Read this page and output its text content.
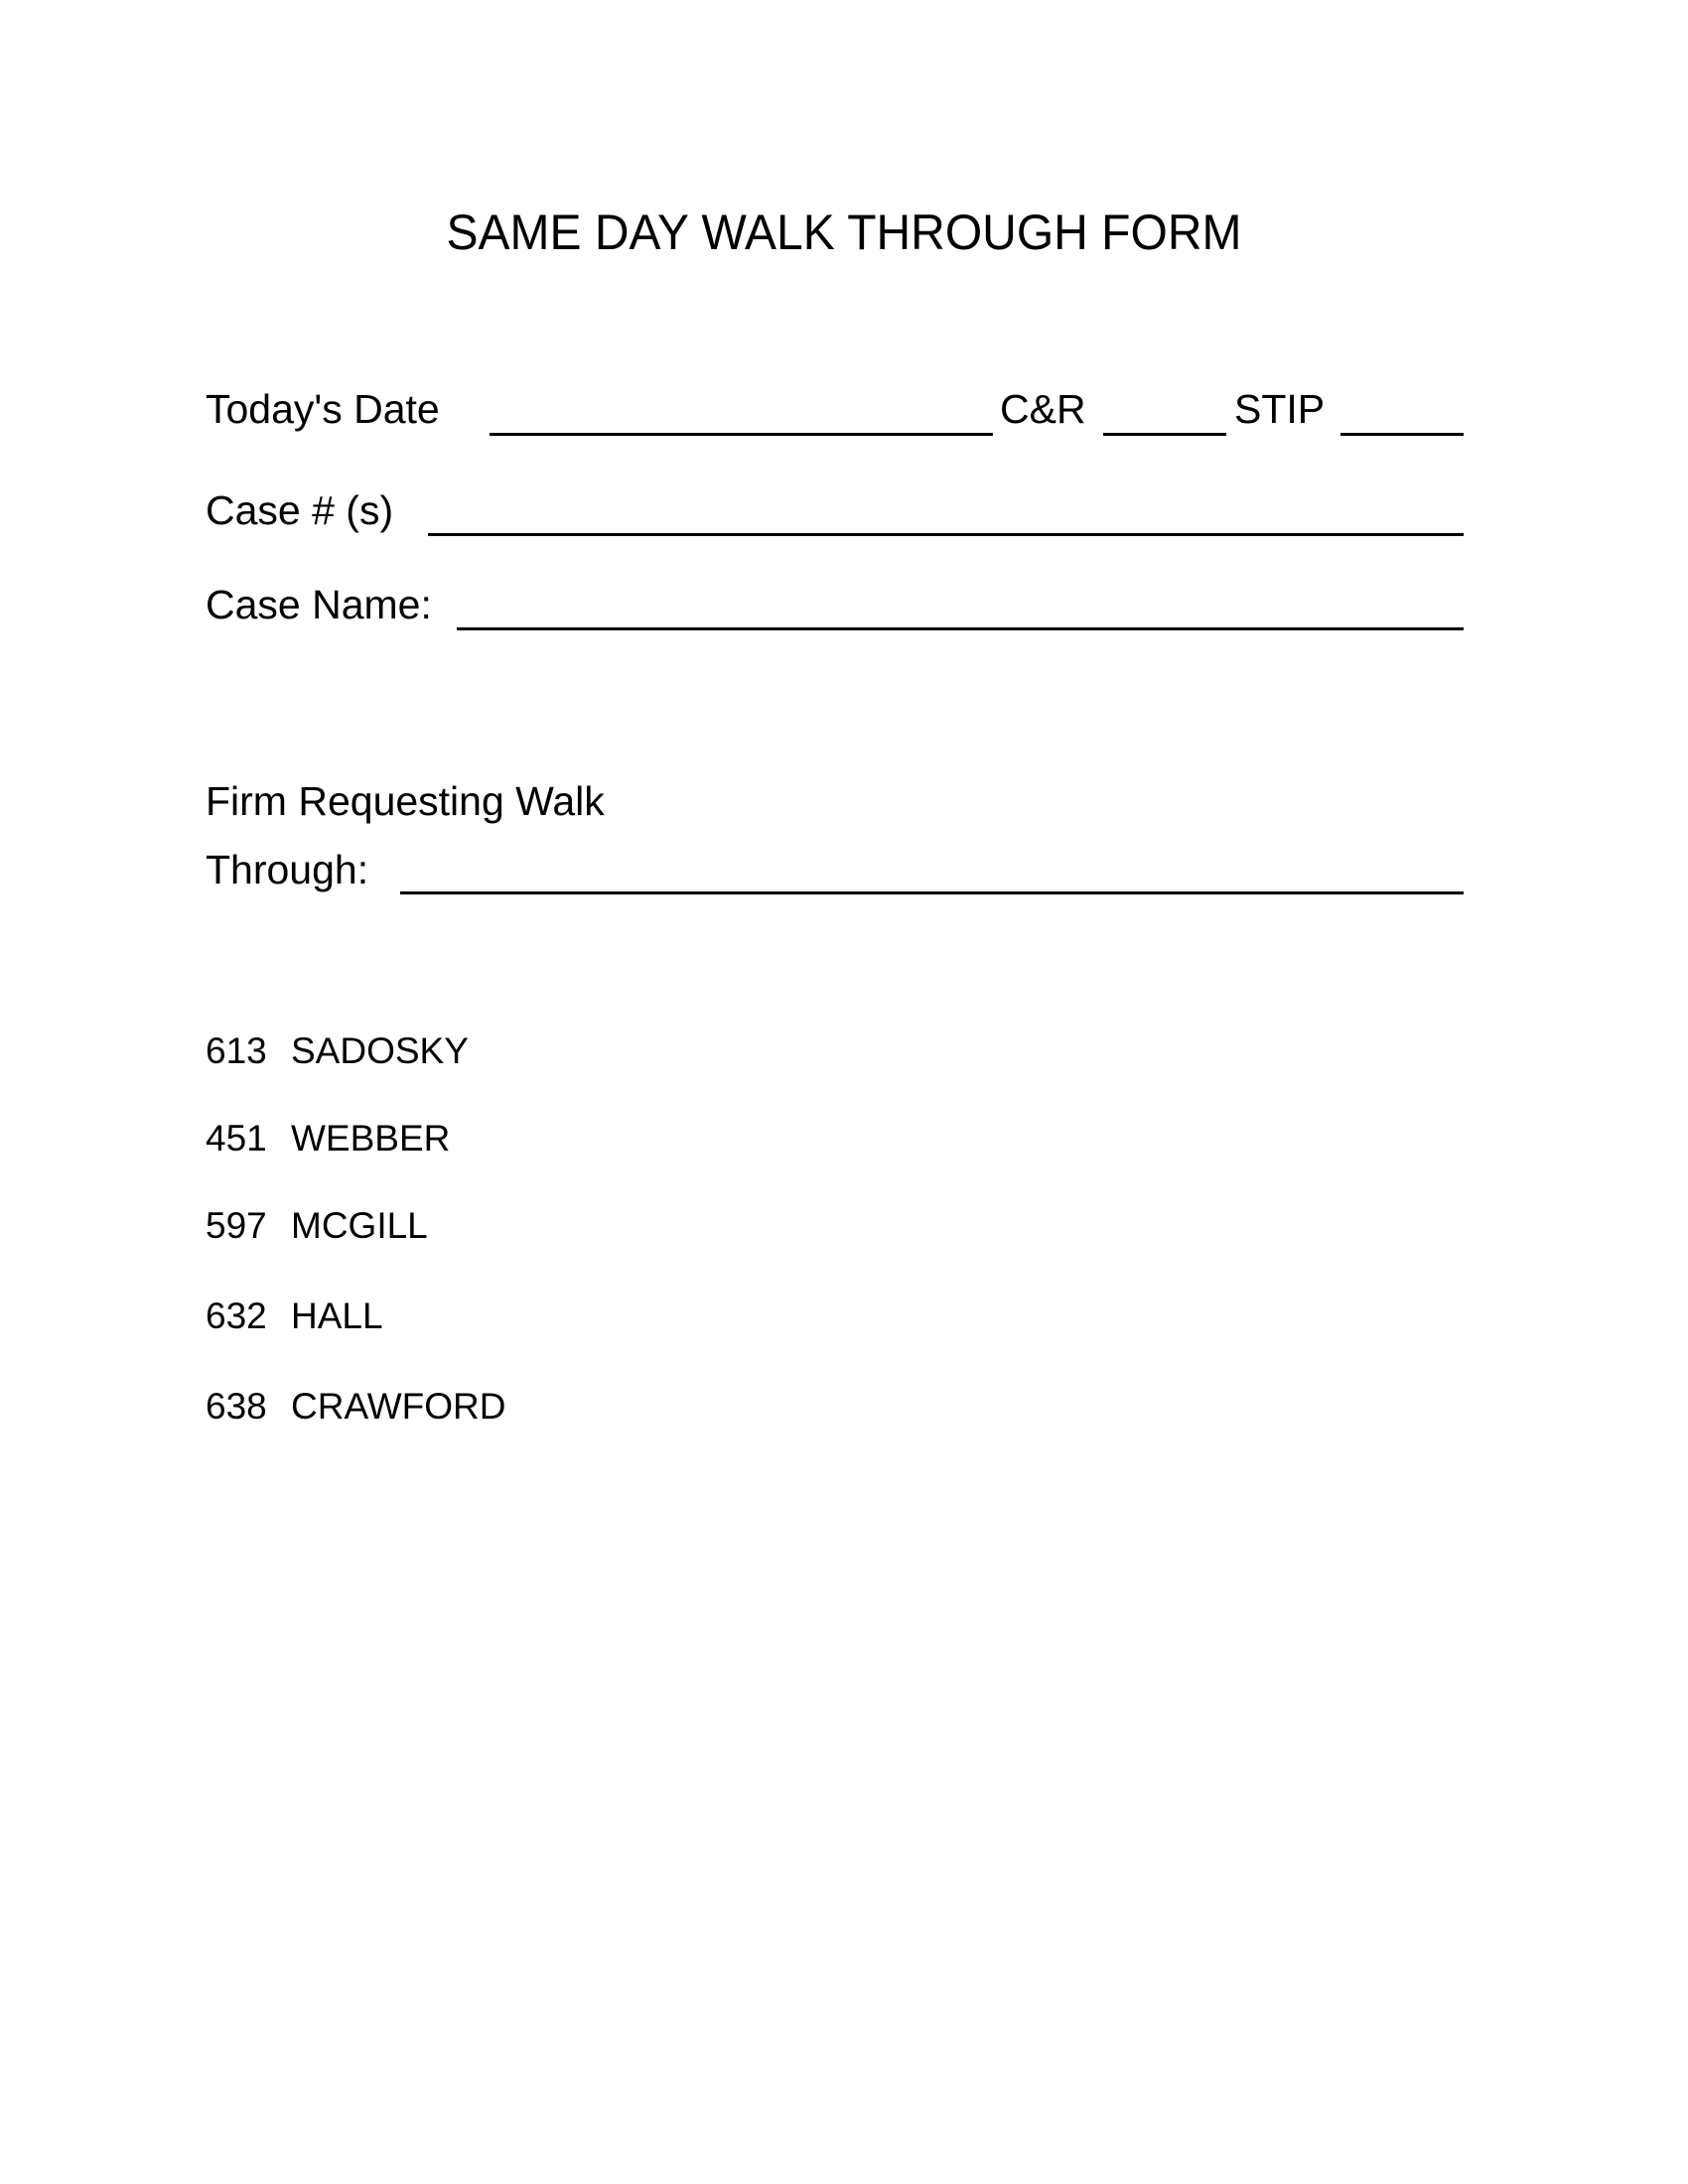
SAME DAY WALK THROUGH FORM
Today's Date	C&R	STIP
Case # (s)
Case Name:
Firm Requesting Walk
Through:
613 SADOSKY
451 WEBBER
597 MCGILL
632 HALL
638 CRAWFORD
